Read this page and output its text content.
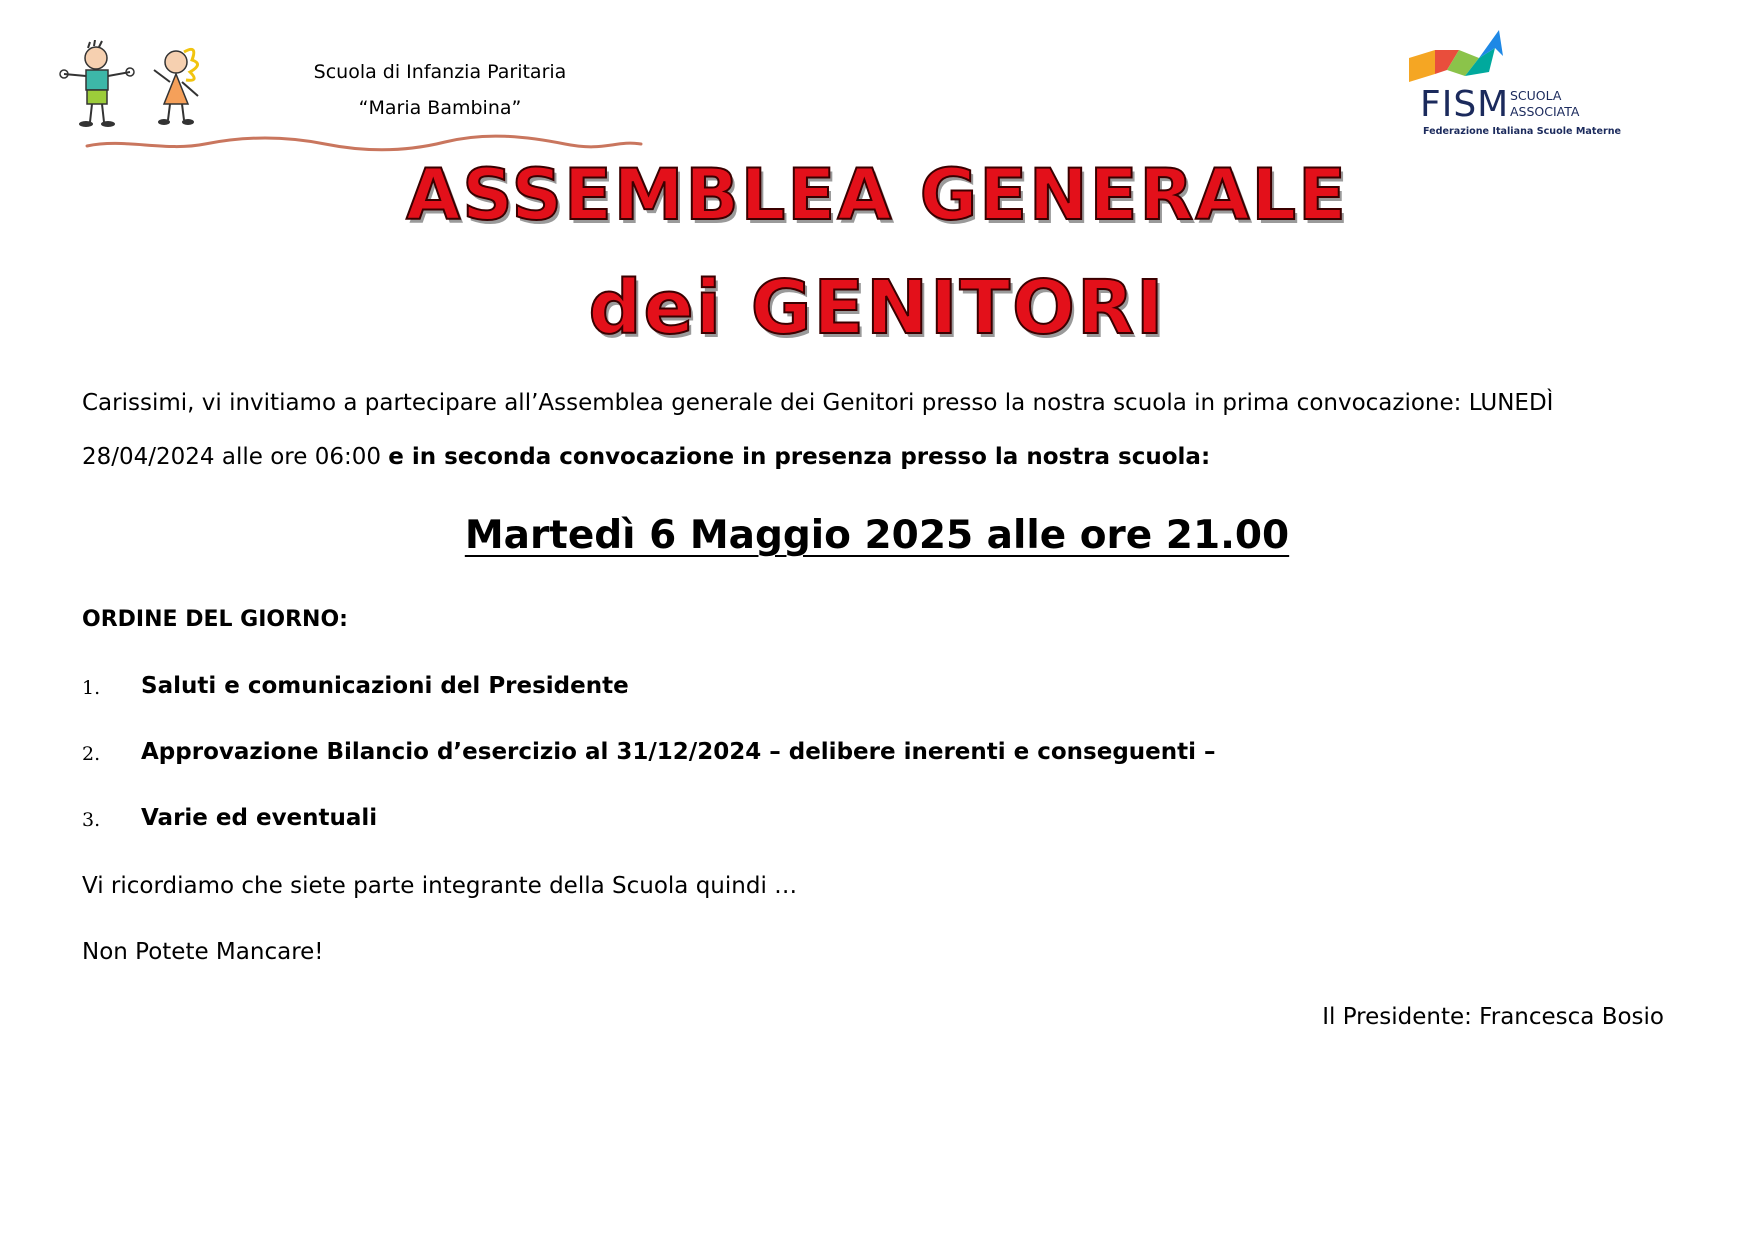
Scuola di Infanzia Paritaria
“Maria Bambina”	FISM SCUOLA
ASSOCIATA
Federazione Italiana Scuole Materne
ASSEMBLEA GENERALE
dei GENITORI
Carissimi, vi invitiamo a partecipare all’Assemblea generale dei Genitori presso la nostra scuola in prima convocazione: LUNEDÌ 28/04/2024 alle ore 06:00 e in seconda convocazione in presenza presso la nostra scuola:
Martedì 6 Maggio 2025 alle ore 21.00
ORDINE DEL GIORNO:
1. Saluti e comunicazioni del Presidente
2. Approvazione Bilancio d’esercizio al 31/12/2024 – delibere inerenti e conseguenti –
3. Varie ed eventuali
Vi ricordiamo che siete parte integrante della Scuola quindi …
Non Potete Mancare!
Il Presidente: Francesca Bosio
